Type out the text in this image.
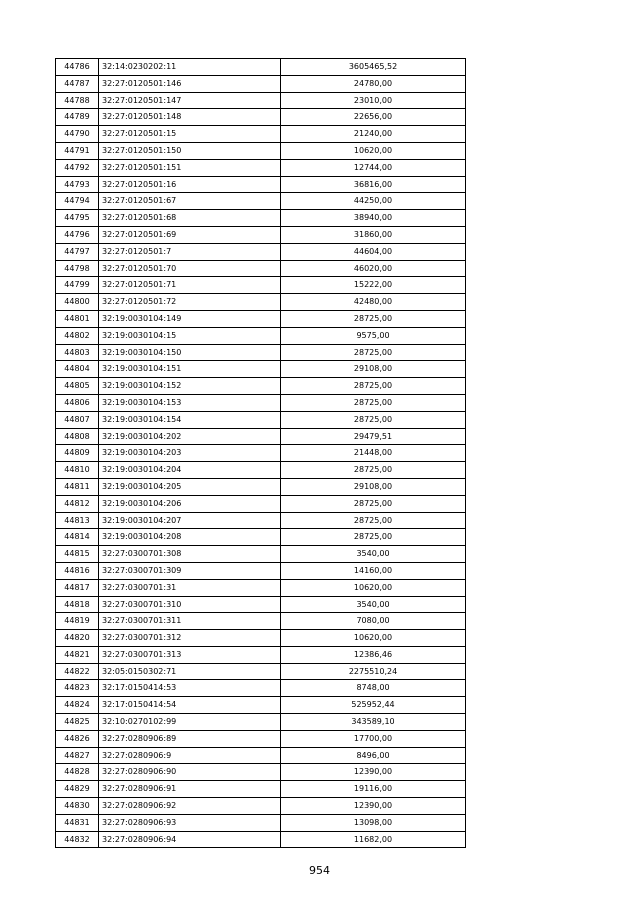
44786	32:14:0230202:11	3605465,52
44787	32:27:0120501:146	24780,00
44788	32:27:0120501:147	23010,00
44789	32:27:0120501:148	22656,00
44790	32:27:0120501:15	21240,00
44791	32:27:0120501:150	10620,00
44792	32:27:0120501:151	12744,00
44793	32:27:0120501:16	36816,00
44794	32:27:0120501:67	44250,00
44795	32:27:0120501:68	38940,00
44796	32:27:0120501:69	31860,00
44797	32:27:0120501:7	44604,00
44798	32:27:0120501:70	46020,00
44799	32:27:0120501:71	15222,00
44800	32:27:0120501:72	42480,00
44801	32:19:0030104:149	28725,00
44802	32:19:0030104:15	9575,00
44803	32:19:0030104:150	28725,00
44804	32:19:0030104:151	29108,00
44805	32:19:0030104:152	28725,00
44806	32:19:0030104:153	28725,00
44807	32:19:0030104:154	28725,00
44808	32:19:0030104:202	29479,51
44809	32:19:0030104:203	21448,00
44810	32:19:0030104:204	28725,00
44811	32:19:0030104:205	29108,00
44812	32:19:0030104:206	28725,00
44813	32:19:0030104:207	28725,00
44814	32:19:0030104:208	28725,00
44815	32:27:0300701:308	3540,00
44816	32:27:0300701:309	14160,00
44817	32:27:0300701:31	10620,00
44818	32:27:0300701:310	3540,00
44819	32:27:0300701:311	7080,00
44820	32:27:0300701:312	10620,00
44821	32:27:0300701:313	12386,46
44822	32:05:0150302:71	2275510,24
44823	32:17:0150414:53	8748,00
44824	32:17:0150414:54	525952,44
44825	32:10:0270102:99	343589,10
44826	32:27:0280906:89	17700,00
44827	32:27:0280906:9	8496,00
44828	32:27:0280906:90	12390,00
44829	32:27:0280906:91	19116,00
44830	32:27:0280906:92	12390,00
44831	32:27:0280906:93	13098,00
44832	32:27:0280906:94	11682,00
954
